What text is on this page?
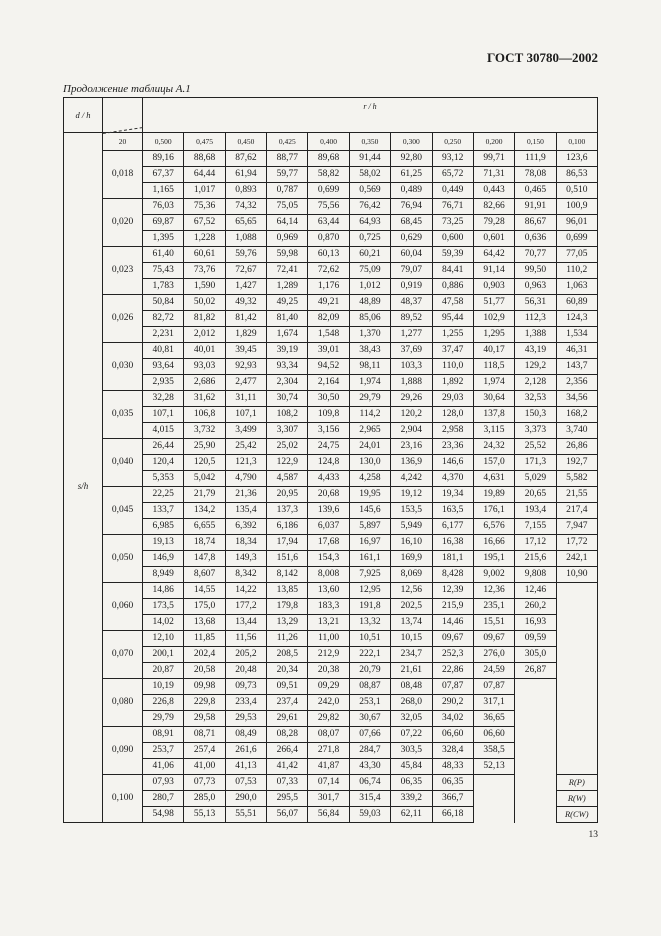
ГОСТ 30780—2002
Продолжение таблицы А.1
d / h		r / h										
	20	0,500	0,475	0,450	0,425	0,400	0,350	0,300	0,250	0,200	0,150	0,100
s/h	0,018	89,16	88,68	87,62	88,77	89,68	91,44	92,80	93,12	99,71	111,9	123,6
		67,37	64,44	61,94	59,77	58,82	58,02	61,25	65,72	71,31	78,08	86,53
		1,165	1,017	0,893	0,787	0,699	0,569	0,489	0,449	0,443	0,465	0,510
	0,020	76,03	75,36	74,32	75,05	75,56	76,42	76,94	76,71	82,66	91,91	100,9
		69,87	67,52	65,65	64,14	63,44	64,93	68,45	73,25	79,28	86,67	96,01
		1,395	1,228	1,088	0,969	0,870	0,725	0,629	0,600	0,601	0,636	0,699
	0,023	61,40	60,61	59,76	59,98	60,13	60,21	60,04	59,39	64,42	70,77	77,05
		75,43	73,76	72,67	72,41	72,62	75,09	79,07	84,41	91,14	99,50	110,2
		1,783	1,590	1,427	1,289	1,176	1,012	0,919	0,886	0,903	0,963	1,063
	0,026	50,84	50,02	49,32	49,25	49,21	48,89	48,37	47,58	51,77	56,31	60,89
		82,72	81,82	81,42	81,40	82,09	85,06	89,52	95,44	102,9	112,3	124,3
		2,231	2,012	1,829	1,674	1,548	1,370	1,277	1,255	1,295	1,388	1,534
	0,030	40,81	40,01	39,45	39,19	39,01	38,43	37,69	37,47	40,17	43,19	46,31
		93,64	93,03	92,93	93,34	94,52	98,11	103,3	110,0	118,5	129,2	143,7
		2,935	2,686	2,477	2,304	2,164	1,974	1,888	1,892	1,974	2,128	2,356
	0,035	32,28	31,62	31,11	30,74	30,50	29,79	29,26	29,03	30,64	32,53	34,56
		107,1	106,8	107,1	108,2	109,8	114,2	120,2	128,0	137,8	150,3	168,2
		4,015	3,732	3,499	3,307	3,156	2,965	2,904	2,958	3,115	3,373	3,740
	0,040	26,44	25,90	25,42	25,02	24,75	24,01	23,16	23,36	24,32	25,52	26,86
		120,4	120,5	121,3	122,9	124,8	130,0	136,9	146,6	157,0	171,3	192,7
		5,353	5,042	4,790	4,587	4,433	4,258	4,242	4,370	4,631	5,029	5,582
	0,045	22,25	21,79	21,36	20,95	20,68	19,95	19,12	19,34	19,89	20,65	21,55
		133,7	134,2	135,4	137,3	139,6	145,6	153,5	163,5	176,1	193,4	217,4
		6,985	6,655	6,392	6,186	6,037	5,897	5,949	6,177	6,576	7,155	7,947
	0,050	19,13	18,74	18,34	17,94	17,68	16,97	16,10	16,38	16,66	17,12	17,72
		146,9	147,8	149,3	151,6	154,3	161,1	169,9	181,1	195,1	215,6	242,1
		8,949	8,607	8,342	8,142	8,008	7,925	8,069	8,428	9,002	9,808	10,90
	0,060	14,86	14,55	14,22	13,85	13,60	12,95	12,56	12,39	12,36	12,46	
		173,5	175,0	177,2	179,8	183,3	191,8	202,5	215,9	235,1	260,2	
		14,02	13,68	13,44	13,29	13,21	13,32	13,74	14,46	15,51	16,93	
	0,070	12,10	11,85	11,56	11,26	11,00	10,51	10,15	09,67	09,67	09,59	
		200,1	202,4	205,2	208,5	212,9	222,1	234,7	252,3	276,0	305,0	
		20,87	20,58	20,48	20,34	20,38	20,79	21,61	22,86	24,59	26,87	
	0,080	10,19	09,98	09,73	09,51	09,29	08,87	08,48	07,87	07,87		
		226,8	229,8	233,4	237,4	242,0	253,1	268,0	290,2	317,1		
		29,79	29,58	29,53	29,61	29,82	30,67	32,05	34,02	36,65		
	0,090	08,91	08,71	08,49	08,28	08,07	07,66	07,22	06,60	06,60		
		253,7	257,4	261,6	266,4	271,8	284,7	303,5	328,4	358,5		
		41,06	41,00	41,13	41,42	41,87	43,30	45,84	48,33	52,13		
	0,100	07,93	07,73	07,53	07,33	07,14	06,74	06,35	06,35			R(P)
		280,7	285,0	290,0	295,5	301,7	315,4	339,2	366,7			R(W)
		54,98	55,13	55,51	56,07	56,84	59,03	62,11	66,18			R(CW)
13
